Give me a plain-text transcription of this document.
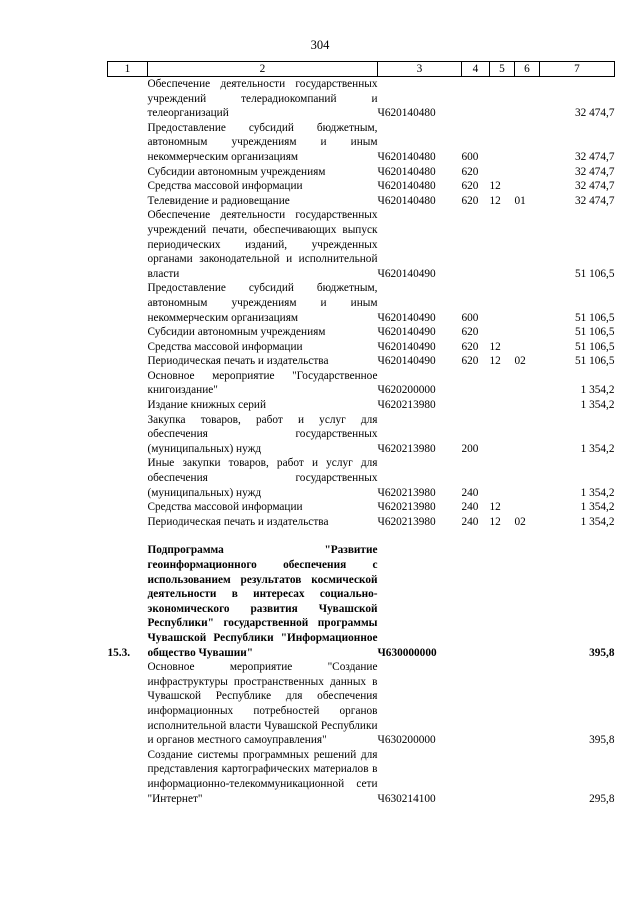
304
1	2	3	4	5	6	7
	Обеспечение деятельности государственных учреждений телерадиокомпаний и телеорганизаций	Ч620140480				32 474,7
	Предоставление субсидий бюджетным, автономным учреждениям и иным некоммерческим организациям	Ч620140480	600			32 474,7
	Субсидии автономным учреждениям	Ч620140480	620			32 474,7
	Средства массовой информации	Ч620140480	620	12		32 474,7
	Телевидение и радиовещание	Ч620140480	620	12	01	32 474,7
	Обеспечение деятельности государственных учреждений печати, обеспечивающих выпуск периодических изданий, учрежденных органами законодательной и исполнительной власти	Ч620140490				51 106,5
	Предоставление субсидий бюджетным, автономным учреждениям и иным некоммерческим организациям	Ч620140490	600			51 106,5
	Субсидии автономным учреждениям	Ч620140490	620			51 106,5
	Средства массовой информации	Ч620140490	620	12		51 106,5
	Периодическая печать и издательства	Ч620140490	620	12	02	51 106,5
	Основное мероприятие "Государственное книгоиздание"	Ч620200000				1 354,2
	Издание книжных серий	Ч620213980				1 354,2
	Закупка товаров, работ и услуг для обеспечения государственных (муниципальных) нужд	Ч620213980	200			1 354,2
	Иные закупки товаров, работ и услуг для обеспечения государственных (муниципальных) нужд	Ч620213980	240			1 354,2
	Средства массовой информации	Ч620213980	240	12		1 354,2
	Периодическая печать и издательства	Ч620213980	240	12	02	1 354,2

15.3.	Подпрограмма "Развитие геоинформационного обеспечения с использованием результатов космической деятельности в интересах социально-экономического развития Чувашской Республики" государственной программы Чувашской Республики "Информационное общество Чувашии"	Ч630000000				395,8
	Основное мероприятие "Создание инфраструктуры пространственных данных в Чувашской Республике для обеспечения информационных потребностей органов исполнительной власти Чувашской Республики и органов местного самоуправления"	Ч630200000				395,8
	Создание системы программных решений для представления картографических материалов в информационно-телекоммуникационной сети "Интернет"	Ч630214100				295,8
